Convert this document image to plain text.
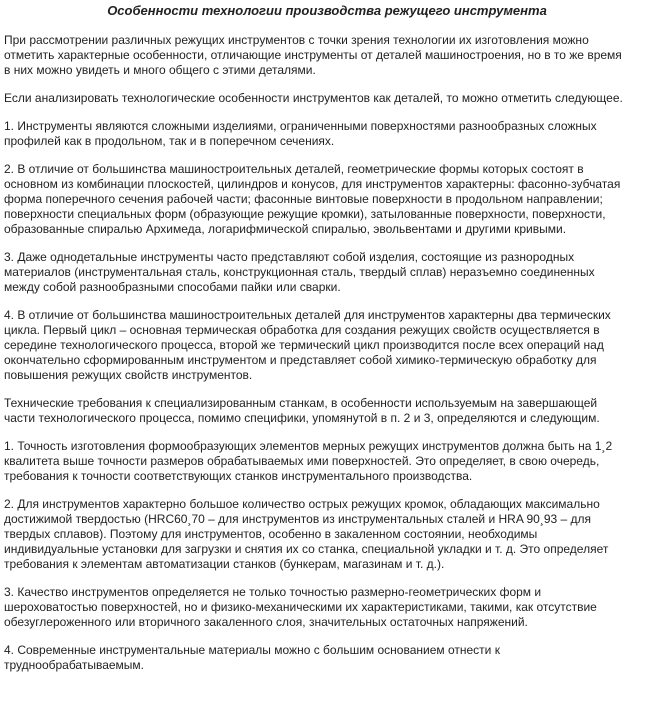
Особенности технологии производства режущего инструмента
При рассмотрении различных режущих инструментов с точки зрения технологии их изготовления можно
отметить характерные особенности, отличающие инструменты от деталей машиностроения, но в то же время
в них можно увидеть и много общего с этими деталями.
Если анализировать технологические особенности инструментов как деталей, то можно отметить следующее.
1. Инструменты являются сложными изделиями, ограниченными поверхностями разнообразных сложных
профилей как в продольном, так и в поперечном сечениях.
2. В отличие от большинства машиностроительных деталей, геометрические формы которых состоят в
основном из комбинации плоскостей, цилиндров и конусов, для инструментов характерны: фасонно-зубчатая
форма поперечного сечения рабочей части; фасонные винтовые поверхности в продольном направлении;
поверхности специальных форм (образующие режущие кромки), затылованные поверхности, поверхности,
образованные спиралью Архимеда, логарифмической спиралью, эвольвентами и другими кривыми.
3. Даже однодетальные инструменты часто представляют собой изделия, состоящие из разнородных
материалов (инструментальная сталь, конструкционная сталь, твердый сплав) неразъемно соединенных
между собой разнообразными способами пайки или сварки.
4. В отличие от большинства машиностроительных деталей для инструментов характерны два термических
цикла. Первый цикл – основная термическая обработка для создания режущих свойств осуществляется в
середине технологического процесса, второй же термический цикл производится после всех операций над
окончательно сформированным инструментом и представляет собой химико-термическую обработку для
повышения режущих свойств инструментов.
Технические требования к специализированным станкам, в особенности используемым на завершающей
части технологического процесса, помимо специфики, упомянутой в п. 2 и 3, определяются и следующим.
1. Точность изготовления формообразующих элементов мерных режущих инструментов должна быть на 1¸2
квалитета выше точности размеров обрабатываемых ими поверхностей. Это определяет, в свою очередь,
требования к точности соответствующих станков инструментального производства.
2. Для инструментов характерно большое количество острых режущих кромок, обладающих максимально
достижимой твердостью (HRC60¸70 – для инструментов из инструментальных сталей и HRA 90¸93 – для
твердых сплавов). Поэтому для инструментов, особенно в закаленном состоянии, необходимы
индивидуальные установки для загрузки и снятия их со станка, специальной укладки и т. д. Это определяет
требования к элементам автоматизации станков (бункерам, магазинам и т. д.).
3. Качество инструментов определяется не только точностью размерно-геометрических форм и
шероховатостью поверхностей, но и физико-механическими их характеристиками, такими, как отсутствие
обезуглероженного или вторичного закаленного слоя, значительных остаточных напряжений.
4. Современные инструментальные материалы можно с большим основанием отнести к
труднообрабатываемым.
